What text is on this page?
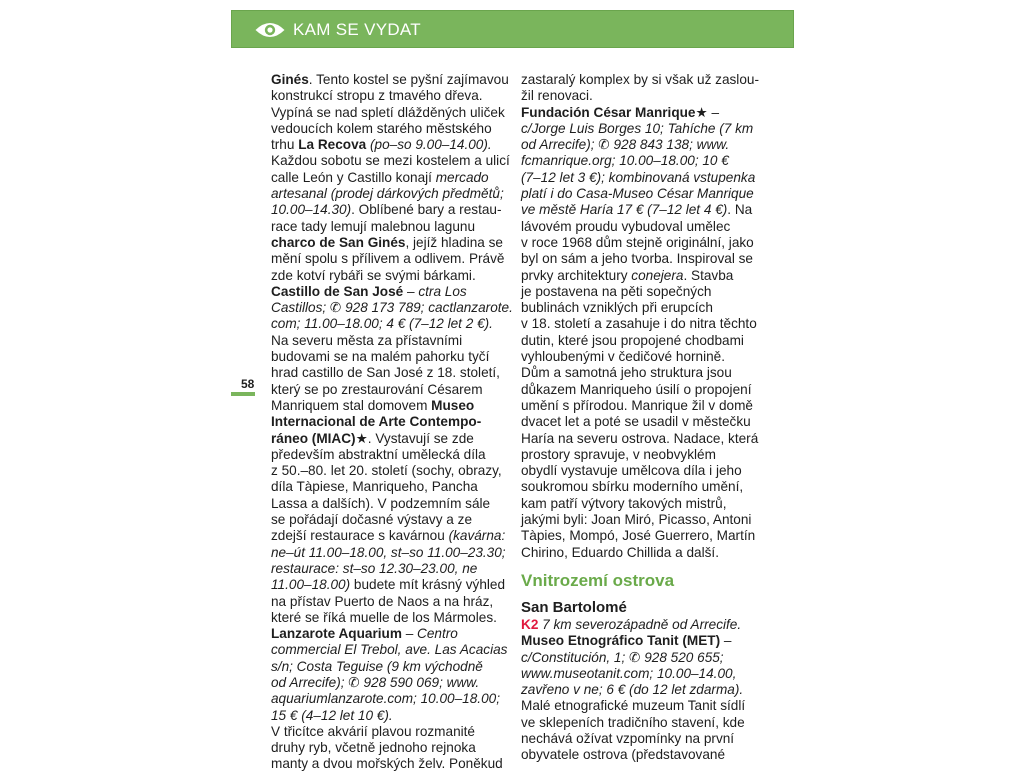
KAM SE VYDAT
58
Ginés. Tento kostel se pyšní zajímavou
konstrukcí stropu z tmavého dřeva.
Vypíná se nad spletí dlážděných uliček
vedoucích kolem starého městského
trhu La Recova (po–so 9.00–14.00).
Každou sobotu se mezi kostelem a ulicí
calle León y Castillo konají mercado
artesanal (prodej dárkových předmětů;
10.00–14.30). Oblíbené bary a restau-
race tady lemují malebnou lagunu
charco de San Ginés, jejíž hladina se
mění spolu s přílivem a odlivem. Právě
zde kotví rybáři se svými bárkami.
Castillo de San José – ctra Los
Castillos; ✆ 928 173 789; cactlanzarote.
com; 11.00–18.00; 4 € (7–12 let 2 €).
Na severu města za přístavními
budovami se na malém pahorku tyčí
hrad castillo de San José z 18. století,
který se po zrestaurování Césarem
Manriquem stal domovem Museo
Internacional de Arte Contempo-
ráneo (MIAC)★. Vystavují se zde
především abstraktní umělecká díla
z 50.–80. let 20. století (sochy, obrazy,
díla Tàpiese, Manriqueho, Pancha
Lassa a dalších). V podzemním sále
se pořádají dočasné výstavy a ze
zdejší restaurace s kavárnou (kavárna:
ne–út 11.00–18.00, st–so 11.00–23.30;
restaurace: st–so 12.30–23.00, ne
11.00–18.00) budete mít krásný výhled
na přístav Puerto de Naos a na hráz,
které se říká muelle de los Mármoles.
Lanzarote Aquarium – Centro
commercial El Trebol, ave. Las Acacias
s/n; Costa Teguise (9 km východně
od Arrecife); ✆ 928 590 069; www.
aquariumlanzarote.com; 10.00–18.00;
15 € (4–12 let 10 €).
V třicítce akvárií plavou rozmanité
druhy ryb, včetně jednoho rejnoka
manty a dvou mořských želv. Poněkud
zastaralý komplex by si však už zaslou-
žil renovaci.
Fundación César Manrique★ –
c/Jorge Luis Borges 10; Tahíche (7 km
od Arrecife); ✆ 928 843 138; www.
fcmanrique.org; 10.00–18.00; 10 €
(7–12 let 3 €); kombinovaná vstupenka
platí i do Casa-Museo César Manrique
ve městě Haría 17 € (7–12 let 4 €). Na
lávovém proudu vybudoval umělec
v roce 1968 dům stejně originální, jako
byl on sám a jeho tvorba. Inspiroval se
prvky architektury conejera. Stavba
je postavena na pěti sopečných
bublinách vzniklých při erupcích
v 18. století a zasahuje i do nitra těchto
dutin, které jsou propojené chodbami
vyhloubenými v čedičové hornině.
Dům a samotná jeho struktura jsou
důkazem Manriqueho úsilí o propojení
umění s přírodou. Manrique žil v domě
dvacet let a poté se usadil v městečku
Haría na severu ostrova. Nadace, která
prostory spravuje, v neobvyklém
obydlí vystavuje umělcova díla i jeho
soukromou sbírku moderního umění,
kam patří výtvory takových mistrů,
jakými byli: Joan Miró, Picasso, Antoni
Tàpies, Mompó, José Guerrero, Martín
Chirino, Eduardo Chillida a další.
Vnitrozemí ostrova
San Bartolomé
K2 7 km severozápadně od Arrecife.
Museo Etnográfico Tanit (MET) –
c/Constitución, 1; ✆ 928 520 655;
www.museotanit.com; 10.00–14.00,
zavřeno v ne; 6 € (do 12 let zdarma).
Malé etnografické muzeum Tanit sídlí
ve sklepeních tradičního stavení, kde
nechává ožívat vzpomínky na první
obyvatele ostrova (představované
